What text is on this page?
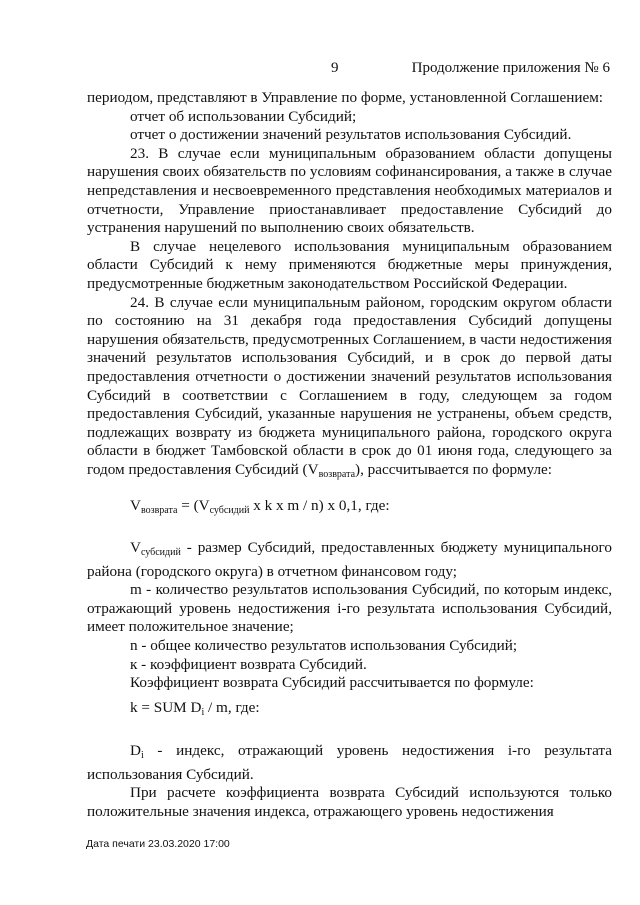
9	Продолжение приложения № 6

периодом, представляют в Управление по форме, установленной Соглашением:

отчет об использовании Субсидий;

отчет о достижении значений результатов использования Субсидий.

23. В случае если муниципальным образованием области допущены нарушения своих обязательств по условиям софинансирования, а также в случае непредставления и несвоевременного представления необходимых материалов и отчетности, Управление приостанавливает предоставление Субсидий до устранения нарушений по выполнению своих обязательств.

В случае нецелевого использования муниципальным образованием области Субсидий к нему применяются бюджетные меры принуждения, предусмотренные бюджетным законодательством Российской Федерации.

24. В случае если муниципальным районом, городским округом области по состоянию на 31 декабря года предоставления Субсидий допущены нарушения обязательств, предусмотренных Соглашением, в части недостижения значений результатов использования Субсидий, и в срок до первой даты предоставления отчетности о достижении значений результатов использования Субсидий в соответствии с Соглашением в году, следующем за годом предоставления Субсидий, указанные нарушения не устранены, объем средств, подлежащих возврату из бюджета муниципального района, городского округа области в бюджет Тамбовской области в срок до 01 июня года, следующего за годом предоставления Субсидий $(V_{возврата})$, рассчитывается по формуле:

$V_{возврата} = (V_{субсидий}$ x k x m / n) x 0,1, где:

$V_{субсидий}$ - размер Субсидий, предоставленных бюджету муниципального района (городского округа) в отчетном финансовом году;

m - количество результатов использования Субсидий, по которым индекс, отражающий уровень недостижения i-го результата использования Субсидий, имеет положительное значение;

n - общее количество результатов использования Субсидий;

к - коэффициент возврата Субсидий.

Коэффициент возврата Субсидий рассчитывается по формуле:

k = SUM $D_i$ / m, где:

$D_i$ - индекс, отражающий уровень недостижения i-го результата использования Субсидий.

При расчете коэффициента возврата Субсидий используются только положительные значения индекса, отражающего уровень недостижения

Дата печати 23.03.2020 17:00
